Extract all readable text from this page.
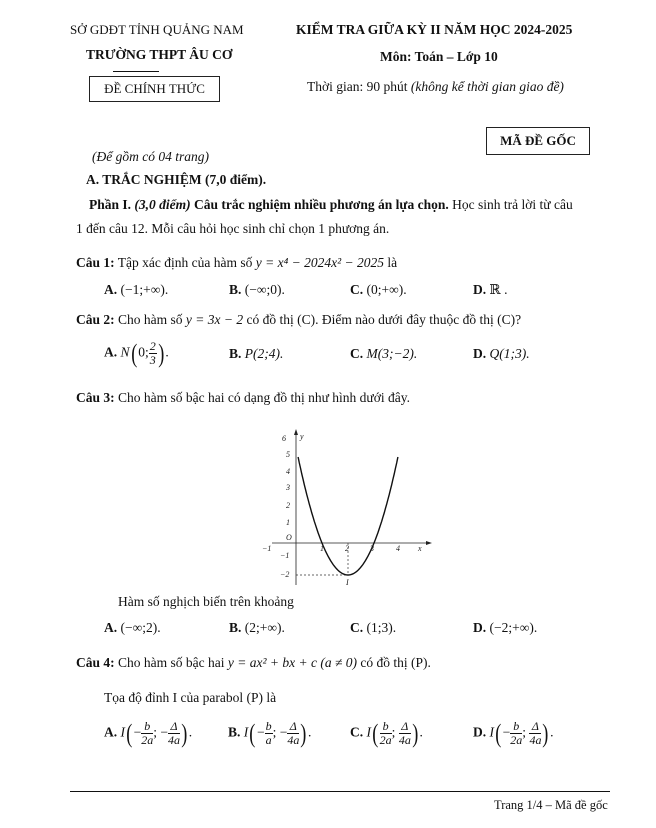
SỞ GDĐT TỈNH QUẢNG NAM
TRƯỜNG THPT ÂU CƠ
ĐỀ CHÍNH THỨC
KIỂM TRA GIỮA KỲ II NĂM HỌC 2024-2025
Môn: Toán – Lớp 10
Thời gian: 90 phút (không kể thời gian giao đề)
MÃ ĐỀ GỐC
(Để gồm có 04 trang)
A. TRẮC NGHIỆM (7,0 điểm).
Phần I. (3,0 điểm) Câu trắc nghiệm nhiều phương án lựa chọn. Học sinh trả lời từ câu
1 đến câu 12. Mỗi câu hỏi học sinh chỉ chọn 1 phương án.
Câu 1: Tập xác định của hàm số y = x⁴ − 2024x² − 2025 là
A. (−1;+∞).	B. (−∞;0).	C. (0;+∞).	D. ℝ .
Câu 2: Cho hàm số y = 3x − 2 có đồ thị (C). Điểm nào dưới đây thuộc đồ thị (C)?
A. N(0; $\frac{2}{3}$ ).	B. P(2;4).	C. M(3;−2).	D. Q(1;3).
Câu 3: Cho hàm số bậc hai có dạng đồ thị như hình dưới đây.
6
5
4
3
2
1
−1
−2
y
−1
O
1	2	3	4 x
I
Hàm số nghịch biến trên khoảng
A. (−∞;2).	B. (2;+∞).	C. (1;3).	D. (−2;+∞).
Câu 4: Cho hàm số bậc hai y = ax² + bx + c (a ≠ 0) có đồ thị (P).
Tọa độ đỉnh I của parabol (P) là
A. $I(- \frac{b}{2a}$ ; − $\frac{\Delta}{4a}$ ).	B. $I(- \frac{b}{a}$ ; − $\frac{\Delta}{4a}$ ).	C. $I( \frac{b}{2a}$ ; $\frac{\Delta}{4a}$ ).	D. $I(- \frac{b}{2a}$ ; $\frac{\Delta}{4a}$ ).
Trang 1/4 – Mã đề gốc
